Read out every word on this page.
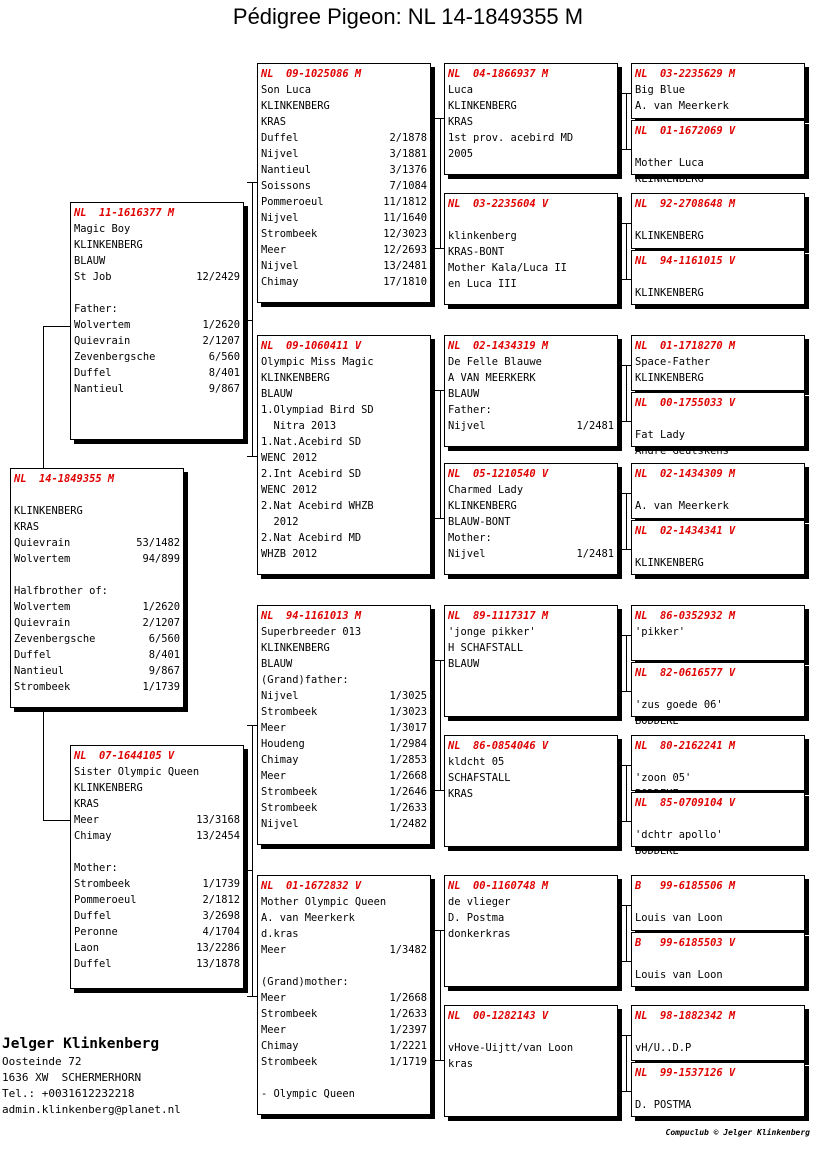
Pédigree Pigeon: NL 14-1849355 M
NL  14-1849355 M
KLINKENBERG
KRAS
Quievrain	53/1482
Wolvertem	94/899
Halfbrother of:
Wolvertem	1/2620
Quievrain	2/1207
Zevenbergsche	6/560
Duffel	8/401
Nantieul	9/867
Strombeek	1/1739
NL  11-1616377 M
Magic Boy
KLINKENBERG
BLAUW
St Job	12/2429
Father:
Wolvertem	1/2620
Quievrain	2/1207
Zevenbergsche	6/560
Duffel	8/401
Nantieul	9/867
NL  07-1644105 V
Sister Olympic Queen
KLINKENBERG
KRAS
Meer	13/3168
Chimay	13/2454
Mother:
Strombeek	1/1739
Pommeroeul	2/1812
Duffel	3/2698
Peronne	4/1704
Laon	13/2286
Duffel	13/1878
NL  09-1025086 M
Son Luca
KLINKENBERG
KRAS
Duffel	2/1878
Nijvel	3/1881
Nantieul	3/1376
Soissons	7/1084
Pommeroeul	11/1812
Nijvel	11/1640
Strombeek	12/3023
Meer	12/2693
Nijvel	13/2481
Chimay	17/1810
NL  09-1060411 V
Olympic Miss Magic
KLINKENBERG
BLAUW
1.Olympiad Bird SD
Nitra 2013
1.Nat.Acebird SD
WENC 2012
2.Int Acebird SD
WENC 2012
2.Nat Acebird WHZB
2012
2.Nat Acebird MD
WHZB 2012
NL  94-1161013 M
Superbreeder 013
KLINKENBERG
BLAUW
(Grand)father:
Nijvel	1/3025
Strombeek	1/3023
Meer	1/3017
Houdeng	1/2984
Chimay	1/2853
Meer	1/2668
Strombeek	1/2646
Strombeek	1/2633
Nijvel	1/2482
NL  01-1672832 V
Mother Olympic Queen
A. van Meerkerk
d.kras
Meer	1/3482
(Grand)mother:
Meer	1/2668
Strombeek	1/2633
Meer	1/2397
Chimay	1/2221
Strombeek	1/1719
- Olympic Queen
NL  04-1866937 M
Luca
KLINKENBERG
KRAS
1st prov. acebird MD
2005
NL  03-2235604 V
klinkenberg
KRAS-BONT
Mother Kala/Luca II
en Luca III
NL  02-1434319 M
De Felle Blauwe
A VAN MEERKERK
BLAUW
Father:
Nijvel	1/2481
NL  05-1210540 V
Charmed Lady
KLINKENBERG
BLAUW-BONT
Mother:
Nijvel	1/2481
NL  89-1117317 M
'jonge pikker'
H SCHAFSTALL
BLAUW
NL  86-0854046 V
kldcht 05
SCHAFSTALL
KRAS
NL  00-1160748 M
de vlieger
D. Postma
donkerkras
NL  00-1282143 V
vHove-Uijtt/van Loon
kras
NL  03-2235629 M
Big Blue
A. van Meerkerk
NL  01-1672069 V
Mother Luca
KLINKENBERG
NL  92-2708648 M
KLINKENBERG
NL  94-1161015 V
KLINKENBERG
NL  01-1718270 M
Space-Father
KLINKENBERG
NL  00-1755033 V
Fat Lady
Andre Geutskens
NL  02-1434309 M
A. van Meerkerk
NL  02-1434341 V
KLINKENBERG
NL  86-0352932 M
'pikker'
NL  82-0616577 V
'zus goede 06'
BODDEKE
NL  80-2162241 M
'zoon 05'
NL  85-0709104 V
'dchtr apollo'
BODDEKE
B   99-6185506 M
Louis van Loon
B   99-6185503 V
Louis van Loon
NL  98-1882342 M
vH/U..D.P
NL  99-1537126 V
D. POSTMA
Jelger Klinkenberg
Oosteinde 72
1636 XW  SCHERMERHORN
Tel.: +0031612232218
admin.klinkenberg@planet.nl
Compuclub © Jelger Klinkenberg
